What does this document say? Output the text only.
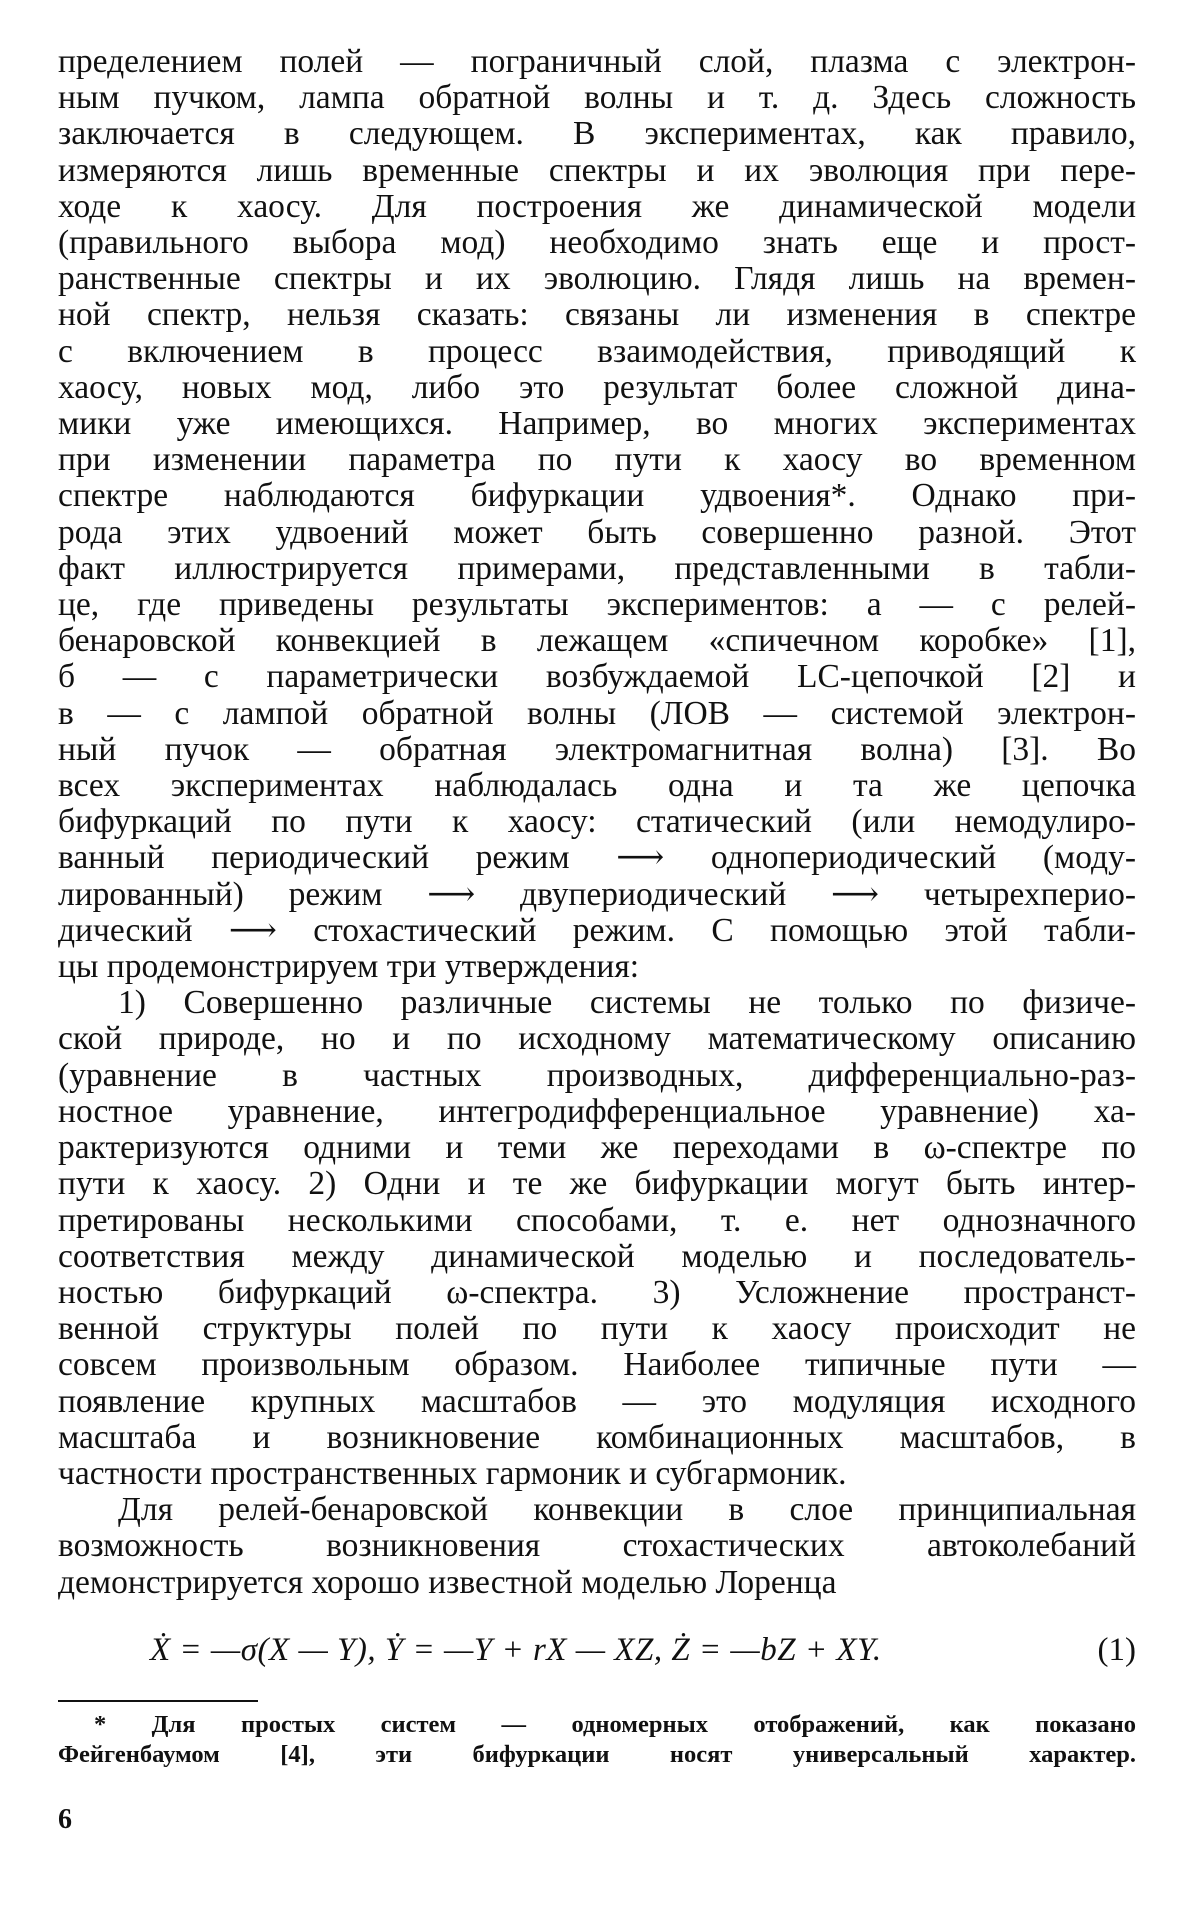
пределением полей — пограничный слой, плазма с электрон-
ным пучком, лампа обратной волны и т. д. Здесь сложность
заключается в следующем. В экспериментах, как правило,
измеряются лишь временные спектры и их эволюция при пере-
ходе к хаосу. Для построения же динамической модели
(правильного выбора мод) необходимо знать еще и прост-
ранственные спектры и их эволюцию. Глядя лишь на времен-
ной спектр, нельзя сказать: связаны ли изменения в спектре
с включением в процесс взаимодействия, приводящий к
хаосу, новых мод, либо это результат более сложной дина-
мики уже имеющихся. Например, во многих экспериментах
при изменении параметра по пути к хаосу во временном
спектре наблюдаются бифуркации удвоения*. Однако при-
рода этих удвоений может быть совершенно разной. Этот
факт иллюстрируется примерами, представленными в табли-
це, где приведены результаты экспериментов: а — с релей-
бенаровской конвекцией в лежащем «спичечном коробке» [1],
б — с параметрически возбуждаемой LC-цепочкой [2] и
в — с лампой обратной волны (ЛОВ — системой электрон-
ный пучок — обратная электромагнитная волна) [3]. Во
всех экспериментах наблюдалась одна и та же цепочка
бифуркаций по пути к хаосу: статический (или немодулиро-
ванный периодический режим ⟶ однопериодический (моду-
лированный) режим ⟶ двупериодический ⟶ четырехперио-
дический ⟶ стохастический режим. С помощью этой табли-
цы продемонстрируем три утверждения:
1) Совершенно различные системы не только по физиче-
ской природе, но и по исходному математическому описанию
(уравнение в частных производных, дифференциально-раз-
ностное уравнение, интегродифференциальное уравнение) ха-
рактеризуются одними и теми же переходами в ω-спектре по
пути к хаосу. 2) Одни и те же бифуркации могут быть интер-
претированы несколькими способами, т. е. нет однозначного
соответствия между динамической моделью и последователь-
ностью бифуркаций ω-спектра. 3) Усложнение пространст-
венной структуры полей по пути к хаосу происходит не
совсем произвольным образом. Наиболее типичные пути —
появление крупных масштабов — это модуляция исходного
масштаба и возникновение комбинационных масштабов, в
частности пространственных гармоник и субгармоник.
Для релей-бенаровской конвекции в слое принципиальная
возможность возникновения стохастических автоколебаний
демонстрируется хорошо известной моделью Лоренца
Ẋ = —σ(X — Y), Ẏ = —Y + rX — XZ, Ż = —bZ + XY.	(1)
* Для простых систем — одномерных отображений, как показано
Фейгенбаумом [4], эти бифуркации носят универсальный характер.
6
